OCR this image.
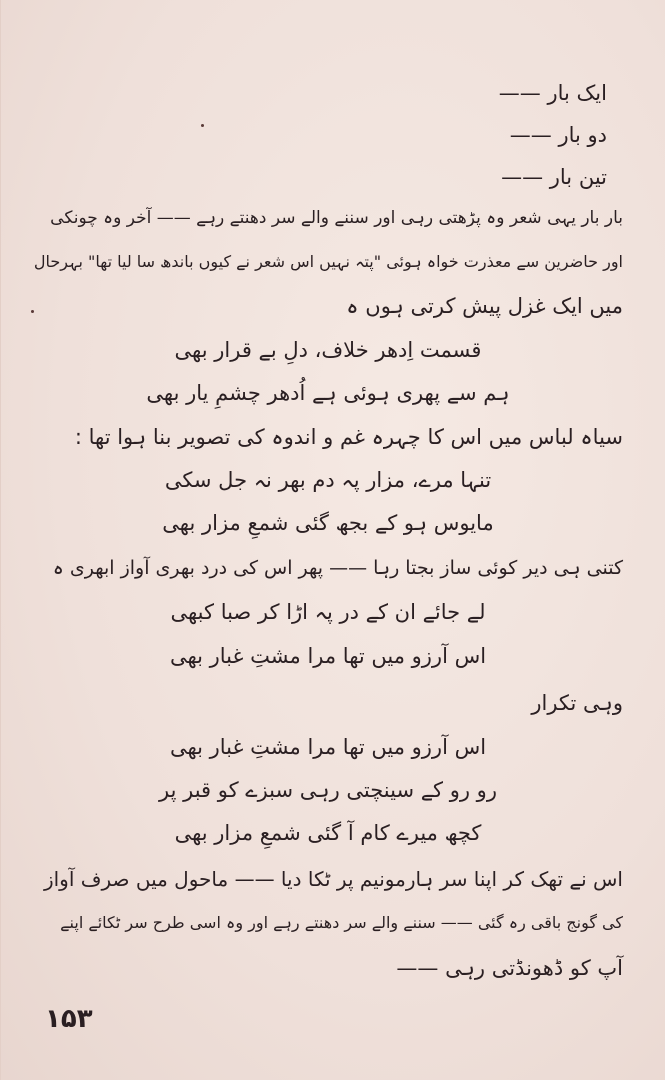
ایک بار ——
دو بار ——
تین بار ——
بار بار یہی شعر وہ پڑھتی رہی اور سننے والے سر دھنتے رہے —— آخر وہ چونکی
اور حاضرین سے معذرت خواہ ہوئی "پتہ نہیں اس شعر نے کیوں باندھ سا لیا تھا" بہرحال
میں ایک غزل پیش کرتی ہوں ہ
قسمت اِدھر خلاف، دلِ بے قرار بھی
ہم سے پھری ہوئی ہے اُدھر چشمِ یار بھی
سیاہ لباس میں اس کا چہرہ غم و اندوہ کی تصویر بنا ہوا تھا :
تنہا مرے، مزار پہ دم بھر نہ جل سکی
مایوس ہو کے بجھ گئی شمعِ مزار بھی
کتنی ہی دیر کوئی ساز بجتا رہا —— پھر اس کی درد بھری آواز ابھری ہ
لے جائے ان کے در پہ اڑا کر صبا کبھی
اس آرزو میں تھا مرا مشتِ غبار بھی
وہی تکرار
اس آرزو میں تھا مرا مشتِ غبار بھی
رو رو کے سینچتی رہی سبزے کو قبر پر
کچھ میرے کام آ گئی شمعِ مزار بھی
اس نے تھک کر اپنا سر ہارمونیم پر ٹکا دیا —— ماحول میں صرف آواز
کی گونج باقی رہ گئی —— سننے والے سر دھنتے رہے اور وہ اسی طرح سر ٹکائے اپنے
آپ کو ڈھونڈتی رہی ——
۱۵۳
